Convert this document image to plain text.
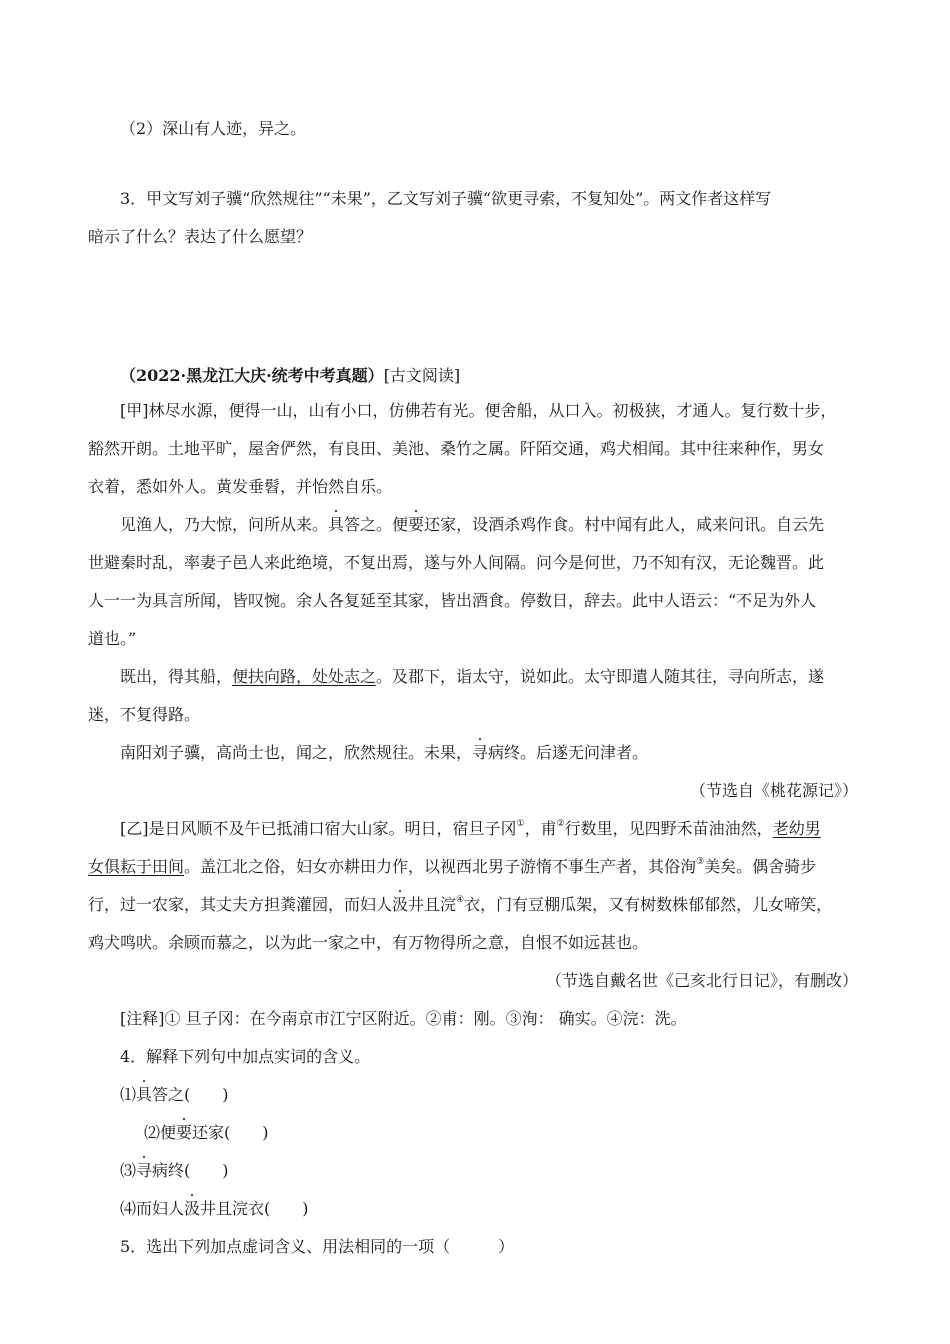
（2）深山有人迹，异之。
3．甲文写刘子骥“欣然规往”“未果”，乙文写刘子骥“欲更寻索，不复知处”。两文作者这样写
暗示了什么？表达了什么愿望？
（2022·黑龙江大庆·统考中考真题）[古文阅读]
[甲]林尽水源，便得一山，山有小口，仿佛若有光。便舍船，从口入。初极狭，才通人。复行数十步，
豁然开朗。土地平旷，屋舍俨然，有良田、美池、桑竹之属。阡陌交通，鸡犬相闻。其中往来种作，男女
衣着，悉如外人。黄发垂髫，并怡然自乐。
见渔人，乃大惊，问所从来。具答之。便要还家，设酒杀鸡作食。村中闻有此人，咸来问讯。自云先
世避秦时乱，率妻子邑人来此绝境，不复出焉，遂与外人间隔。问今是何世，乃不知有汉，无论魏晋。此
人一一为具言所闻，皆叹惋。余人各复延至其家，皆出酒食。停数日，辞去。此中人语云：“不足为外人
道也。”
既出，得其船，便扶向路，处处志之。及郡下，诣太守，说如此。太守即遣人随其往，寻向所志，遂
迷，不复得路。
南阳刘子骥，高尚士也，闻之，欣然规往。未果，寻病终。后遂无问津者。
（节选自《桃花源记》）
[乙]是日风顺不及午已抵浦口宿大山家。明日，宿旦子冈①，甫②行数里，见四野禾苗油油然，老幼男
女俱耘于田间。盖江北之俗，妇女亦耕田力作，以视西北男子游惰不事生产者，其俗洵③美矣。偶舍骑步
行，过一农家，其丈夫方担粪灌园，而妇人汲井且浣④衣，门有豆棚瓜架，又有树数株郁郁然，儿女啼笑，
鸡犬鸣吠。余顾而慕之，以为此一家之中，有万物得所之意，自恨不如远甚也。
（节选自戴名世《己亥北行日记》，有删改）
[注释]① 旦子冈：在今南京市江宁区附近。②甫：刚。③洵： 确实。④浣：洗。
4．解释下列句中加点实词的含义。
⑴具答之(　　)
⑵便要还家(　　)
⑶寻病终(　　)
⑷而妇人汲井且浣衣(　　)
5．选出下列加点虚词含义、用法相同的一项（　　　）
